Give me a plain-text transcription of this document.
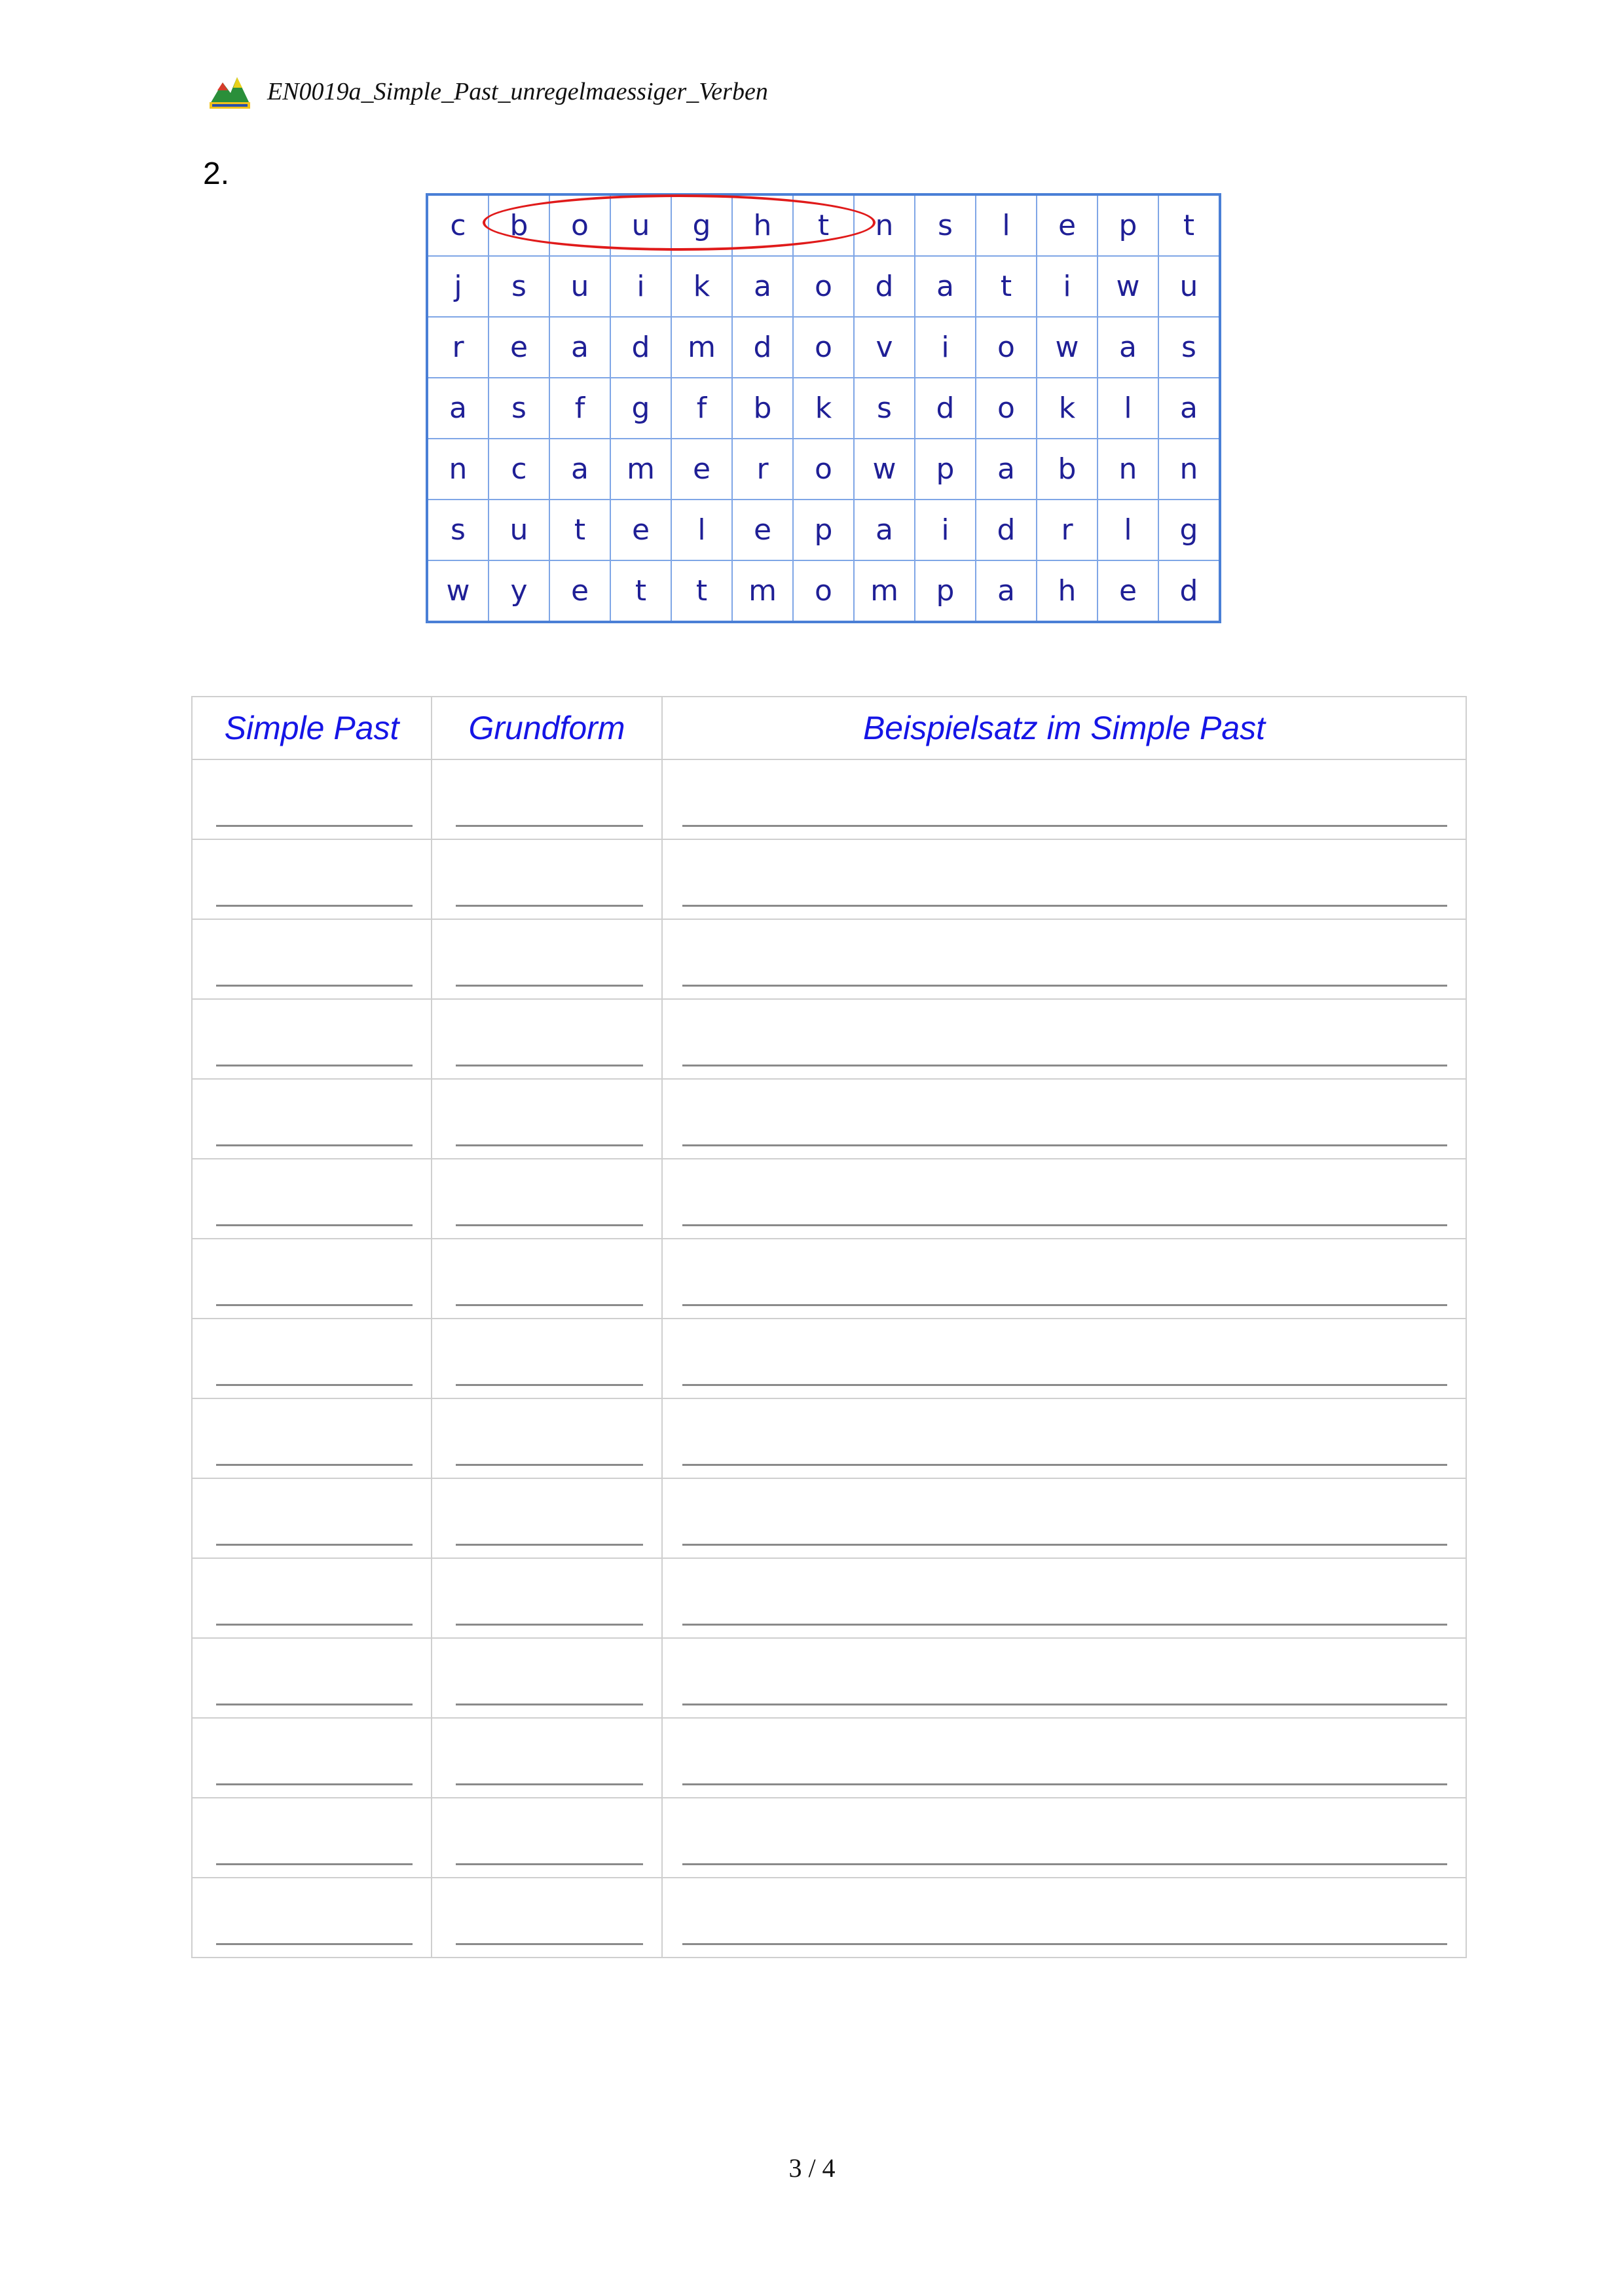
EN0019a_Simple_Past_unregelmaessiger_Verben
2.
c	b	o	u	g	h	t	n	s	l	e	p	t
j	s	u	i	k	a	o	d	a	t	i	w	u
r	e	a	d	m	d	o	v	i	o	w	a	s
a	s	f	g	f	b	k	s	d	o	k	l	a
n	c	a	m	e	r	o	w	p	a	b	n	n
s	u	t	e	l	e	p	a	i	d	r	l	g
w	y	e	t	t	m	o	m	p	a	h	e	d
Simple Past	Grundform	Beispielsatz im Simple Past

3 / 4
